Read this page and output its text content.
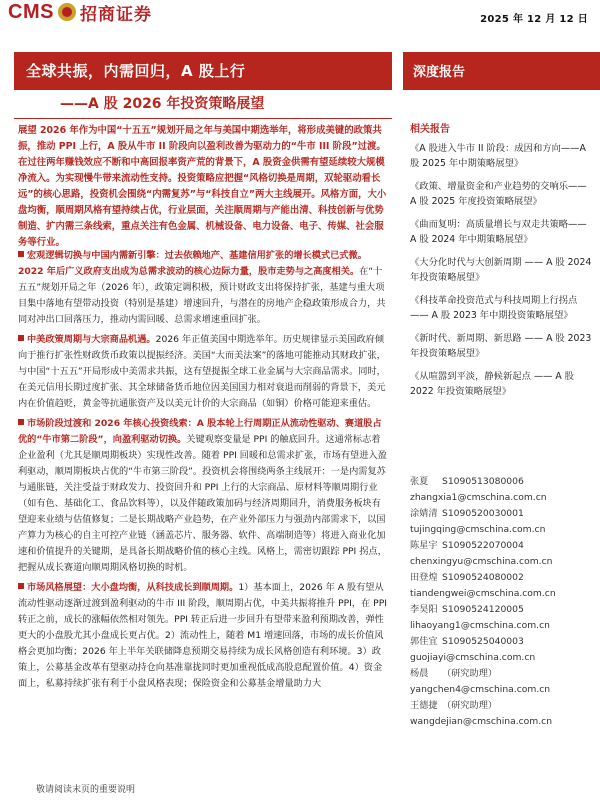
CMS 招商证券	2025 年 12 月 12 日
全球共振，内需回归，A 股上行
——A 股 2026 年投资策略展望
深度报告
展望 2026 年作为中国“十五五”规划开局之年与美国中期选举年，将形成美键的政策共振，推动 PPI 上行，A 股从牛市 II 阶段向以盈利改善为驱动力的“牛市 III 阶段”过渡。在过往两年赚钱效应不断和中高回报率资产荒的背景下，A 股资金供需有望延续较大规模净流入。为实现慢牛带来流动性支持。投资策略应把握“风格切换是周期，双轮驱动看长远”的核心思路，投资机会围绕“内需复苏”与“科技自立”两大主线展开。风格方面，大小盘均衡，顺周期风格有望持续占优，行业层面，关注顺周期与产能出清、科技创新与优势制造、扩内需三条线索，重点关注有色金属、机械设备、电力设备、电子、传媒、社会服务等行业。
宏观逻辑切换与中国内需新引擎：过去依赖地产、基建信用扩张的增长模式已式微。2022 年后广义政府支出成为总需求波动的核心边际力量，股市走势与之高度相关。在“十五五”规划开局之年（2026 年），政策定调积极，预计财政支出将保持扩张，基建与重大项目集中落地有望带动投资（特别是基建）增速回升，与潜在的房地产企稳政策形成合力，共同对冲出口回落压力，推动内需回暖、总需求增速重回扩张。
中美政策周期与大宗商品机遇。2026 年正值美国中期选举年。历史规律显示美国政府倾向于推行扩张性财政货币政策以提振经济。美国“大而美法案”的落地可能推动其财政扩张，与中国“十五五”开局形成中美需求共振，这有望提振全球工业金属与大宗商品需求。同时，在美元信用长期过度扩张、其全球储备货币地位因美国国力相对衰退而削弱的背景下，美元内在价值趋贬，黄金等抗通胀资产及以美元计价的大宗商品（如铜）价格可能迎来重估。
市场阶段过渡和 2026 年核心投资线索：A 股本轮上行周期正从流动性驱动、赛道股占优的“牛市第二阶段”，向盈利驱动切换。关键观察变量是 PPI 的触底回升。这通常标志着企业盈利（尤其是顺周期板块）实现性改善。随着 PPI 回暖和总需求扩张，市场有望进入盈利驱动，顺周期板块占优的“牛市第三阶段”。投资机会将围绕两条主线展开：一是内需复苏与通胀链，关注受益于财政发力、投资回升和 PPI 上行的大宗商品、原材料等顺周期行业（如有色、基础化工、食品饮料等），以及伴随政策加码与经济周期回升，消费服务板块有望迎来业绩与估值修复；二是长期战略产业趋势，在产业外部压力与强劲内部需求下，以国产算力为核心的自主可控产业链（涵盖芯片、服务器、软件、高端制造等）将进入商业化加速和价值提升的关键期，是具备长期战略价值的核心主线。风格上，需密切跟踪 PPI 拐点，把握从成长赛道向顺周期风格切换的时机。
市场风格展望：大小盘均衡，从科技成长到顺周期。1）基本面上，2026 年 A 股有望从流动性驱动逐渐过渡到盈利驱动的牛市 III 阶段，顺周期占优，中美共振将推升 PPI，在 PPI 转正之前，成长的涨幅依然相对领先。PPI 转正后进一步回升有望带来盈利预期改善，弹性更大的小盘股尤其小盘成长更占优。2）流动性上，随着 M1 增速回落，市场的成长价值风格会更加均衡；2026 年上半年关联储降息预期交易持续为成长风格创造有利环境。3）政策上，公募基金改革有望驱动持仓向基准靠拢同时更加重视低成高股息配置价值。4）资金面上，私募持续扩张有利于小盘风格表现；保险资金和公募基金增量助力大
相关报告
《A 股进入牛市 II 阶段：成因和方向——A 股 2025 年中期策略展望》
《政策、增量资金和产业趋势的交响乐——A 股 2025 年度投资策略展望》
《曲而复明：高质量增长与双走共策略——A 股 2024 年中期策略展望》
《大分化时代与大创新周期 —— A 股 2024 年投资策略展望》
《科技革命投资范式与科技周期上行拐点 —— A 股 2023 年中期投资策略展望》
《新时代、新周期、新思路 —— A 股 2023 年投资策略展望》
《从喧嚣到平淡，静候新起点 —— A 股 2022 年投资策略展望》
张夏	S1090513080006
zhangxia1@cmschina.com.cn
涂婧清 S1090520030001
tujingqing@cmschina.com.cn
陈星宇 S1090522070004
chenxingyu@cmschina.com.cn
田登煌 S1090524080002
tiandengwei@cmschina.com.cn
李昊阳 S1090524120005
lihaoyang1@cmschina.com.cn
郭佳宜 S1090525040003
guojiayi@cmschina.com.cn
杨晨	（研究助理）
yangchen4@cmschina.com.cn
王德捷 （研究助理）
wangdejian@cmschina.com.cn
敬请阅读末页的重要说明
